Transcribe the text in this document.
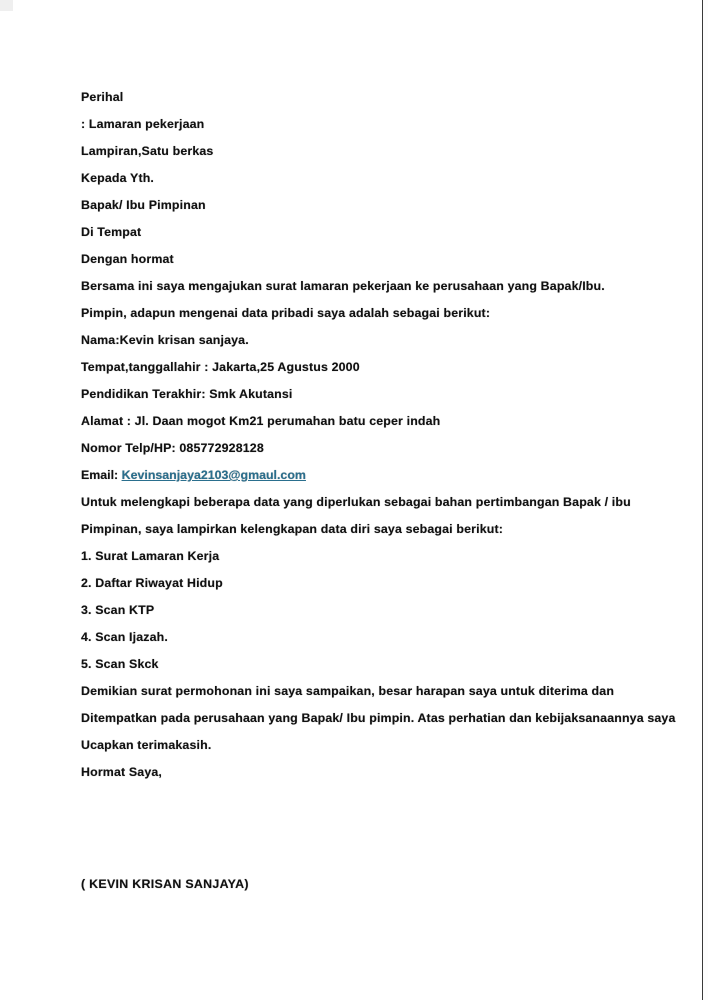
Perihal
: Lamaran pekerjaan
Lampiran,Satu berkas
Kepada Yth.
Bapak/ Ibu Pimpinan
Di Tempat
Dengan hormat
Bersama ini saya mengajukan surat lamaran pekerjaan ke perusahaan yang Bapak/Ibu.
Pimpin, adapun mengenai data pribadi saya adalah sebagai berikut:
Nama:Kevin krisan sanjaya.
Tempat,tanggallahir : Jakarta,25 Agustus 2000
Pendidikan Terakhir: Smk Akutansi
Alamat : Jl. Daan mogot Km21 perumahan batu ceper indah
Nomor Telp/HP: 085772928128
Email: Kevinsanjaya2103@gmaul.com
Untuk melengkapi beberapa data yang diperlukan sebagai bahan pertimbangan Bapak / ibu
Pimpinan, saya lampirkan kelengkapan data diri saya sebagai berikut:
1. Surat Lamaran Kerja
2. Daftar Riwayat Hidup
3. Scan KTP
4. Scan Ijazah.
5. Scan Skck
Demikian surat permohonan ini saya sampaikan, besar harapan saya untuk diterima dan
Ditempatkan pada perusahaan yang Bapak/ Ibu pimpin. Atas perhatian dan kebijaksanaannya saya
Ucapkan terimakasih.
Hormat Saya,
( KEVIN KRISAN SANJAYA)
